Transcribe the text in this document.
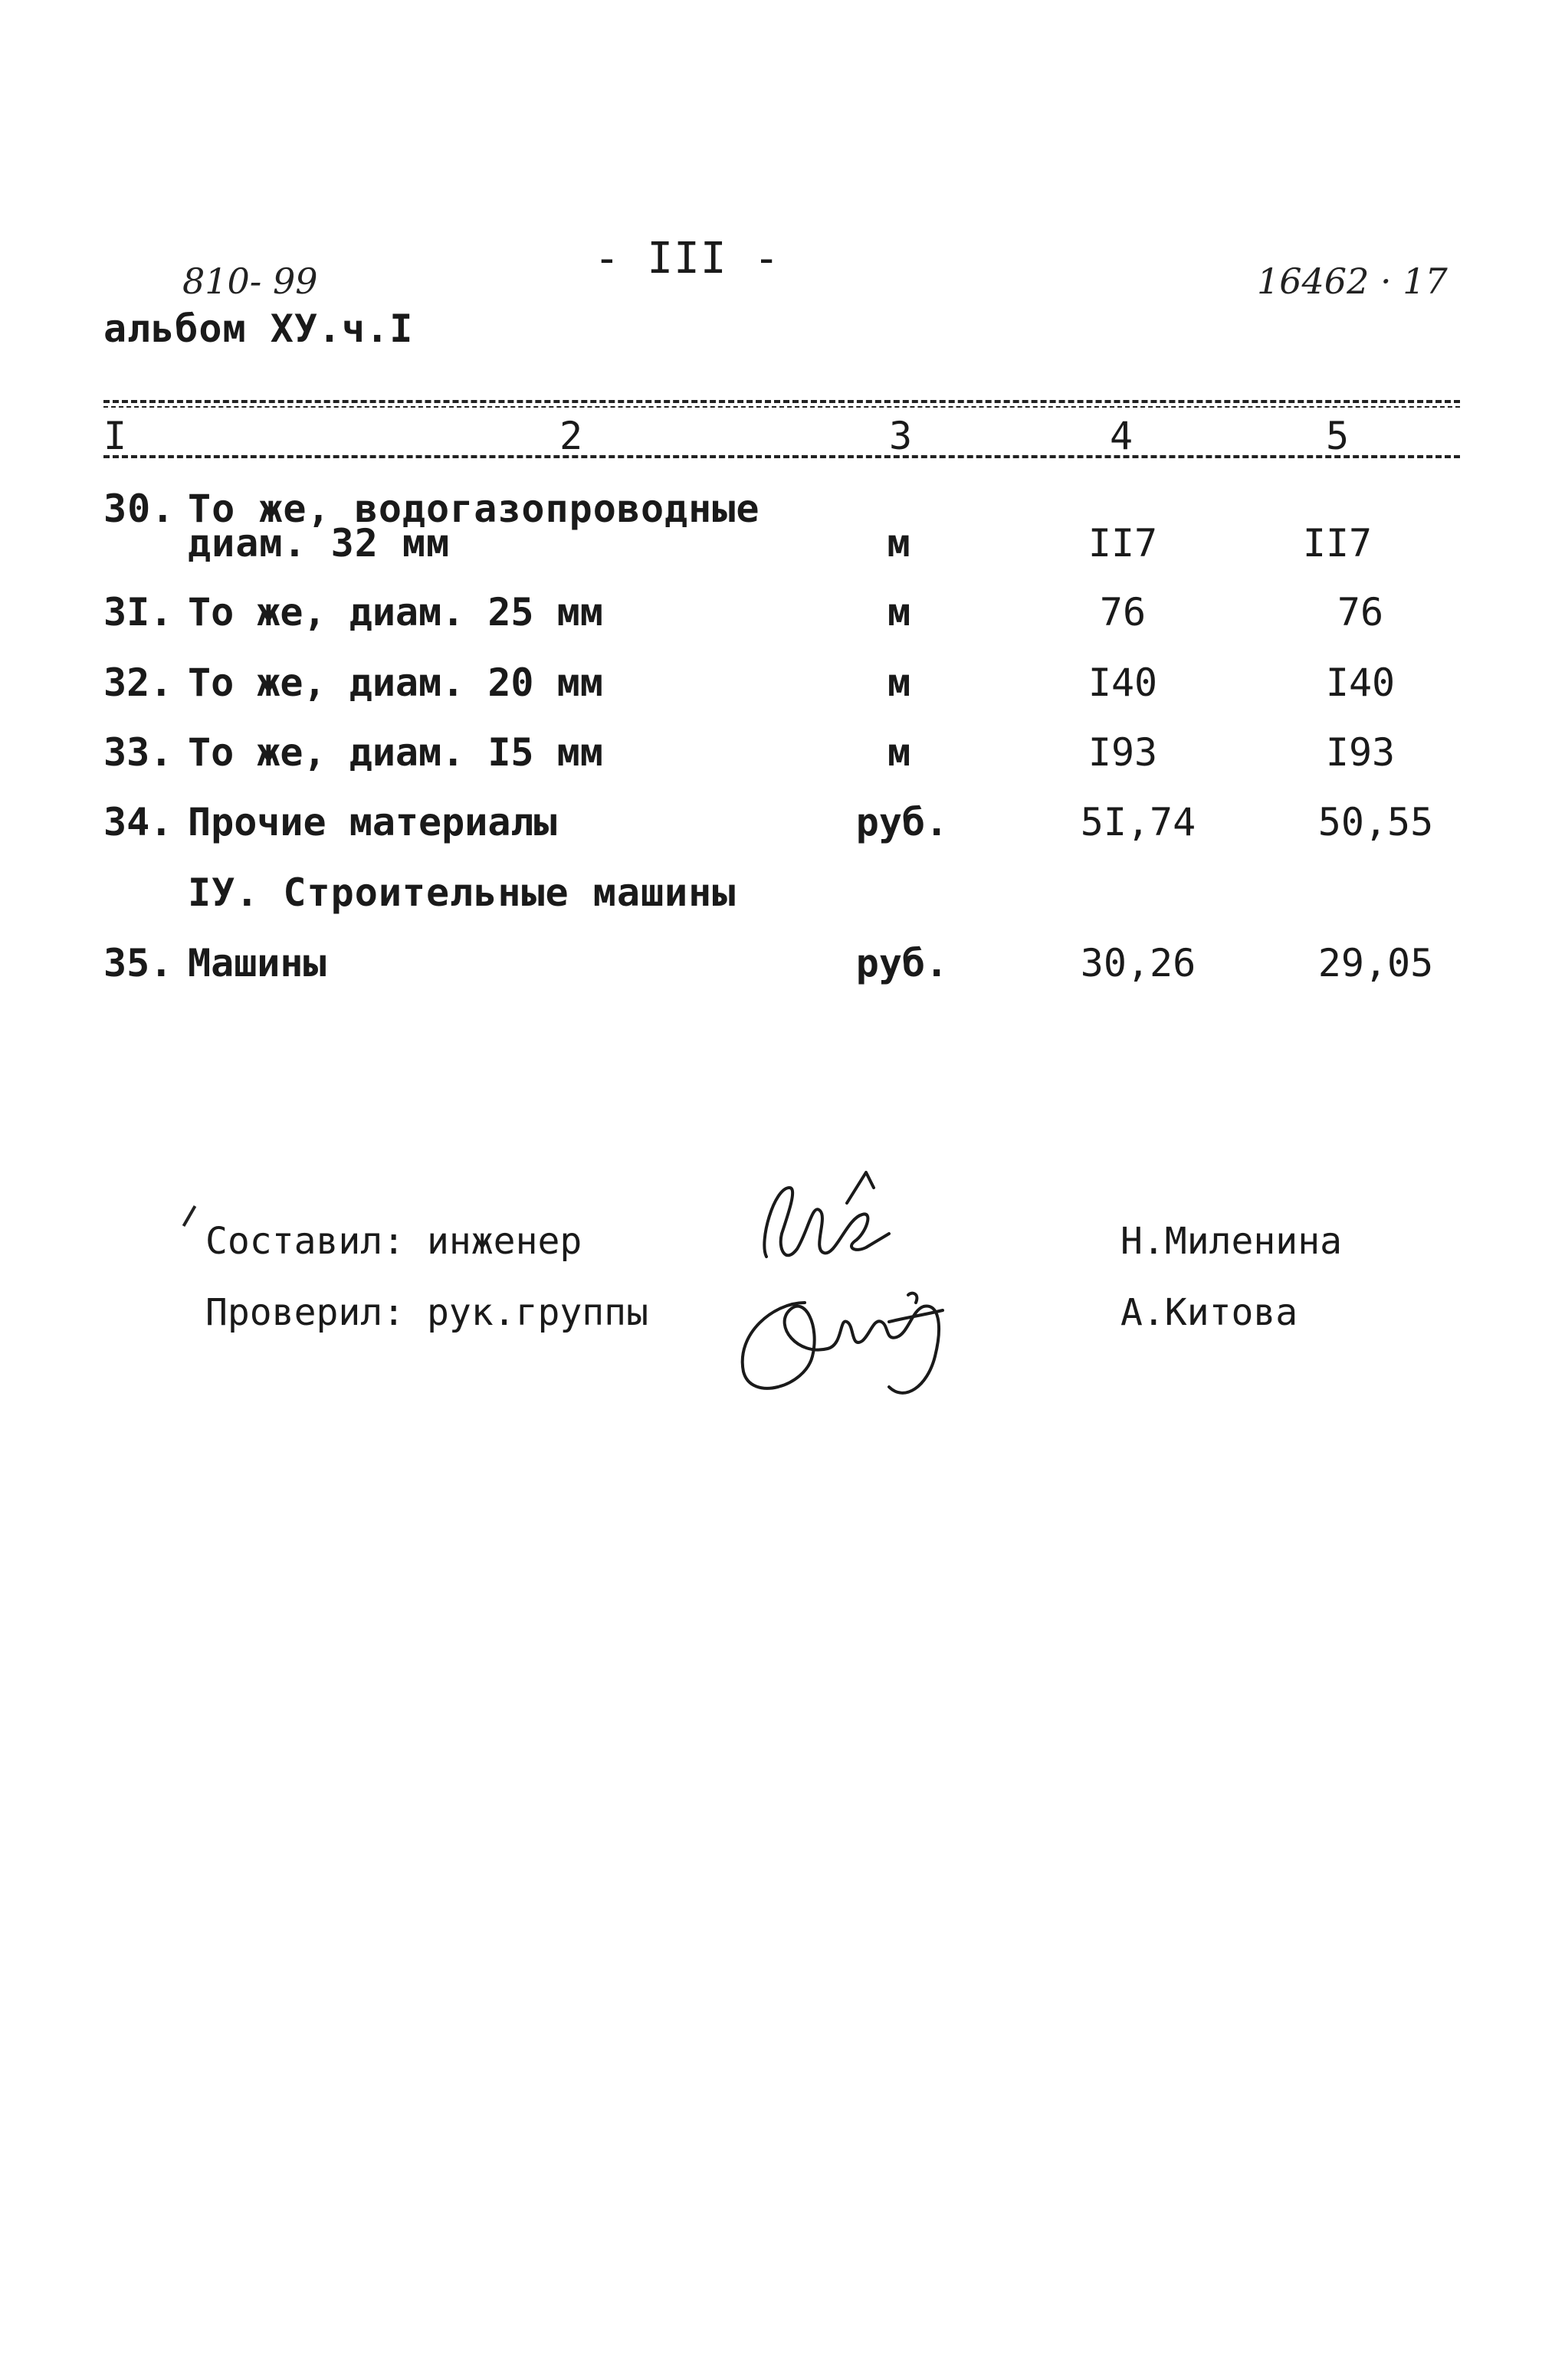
- III -
810- 99	16462 · 17
альбом ХУ.ч.I
I	2	3	4	5
30. То же, водогазопроводные
диам. 32 мм	м	II7	II7
3I. То же, диам. 25 мм	м	76	76
32. То же, диам. 20 мм	м	I40	I40
33. То же, диам. I5 мм	м	I93	I93
34. Прочие материалы	руб.	5I,74	50,55
IУ. Строительные машины
35. Машины	руб.	30,26	29,05
Составил: инженер
Проверил: рук.группы
Н.Миленина
А.Китова
